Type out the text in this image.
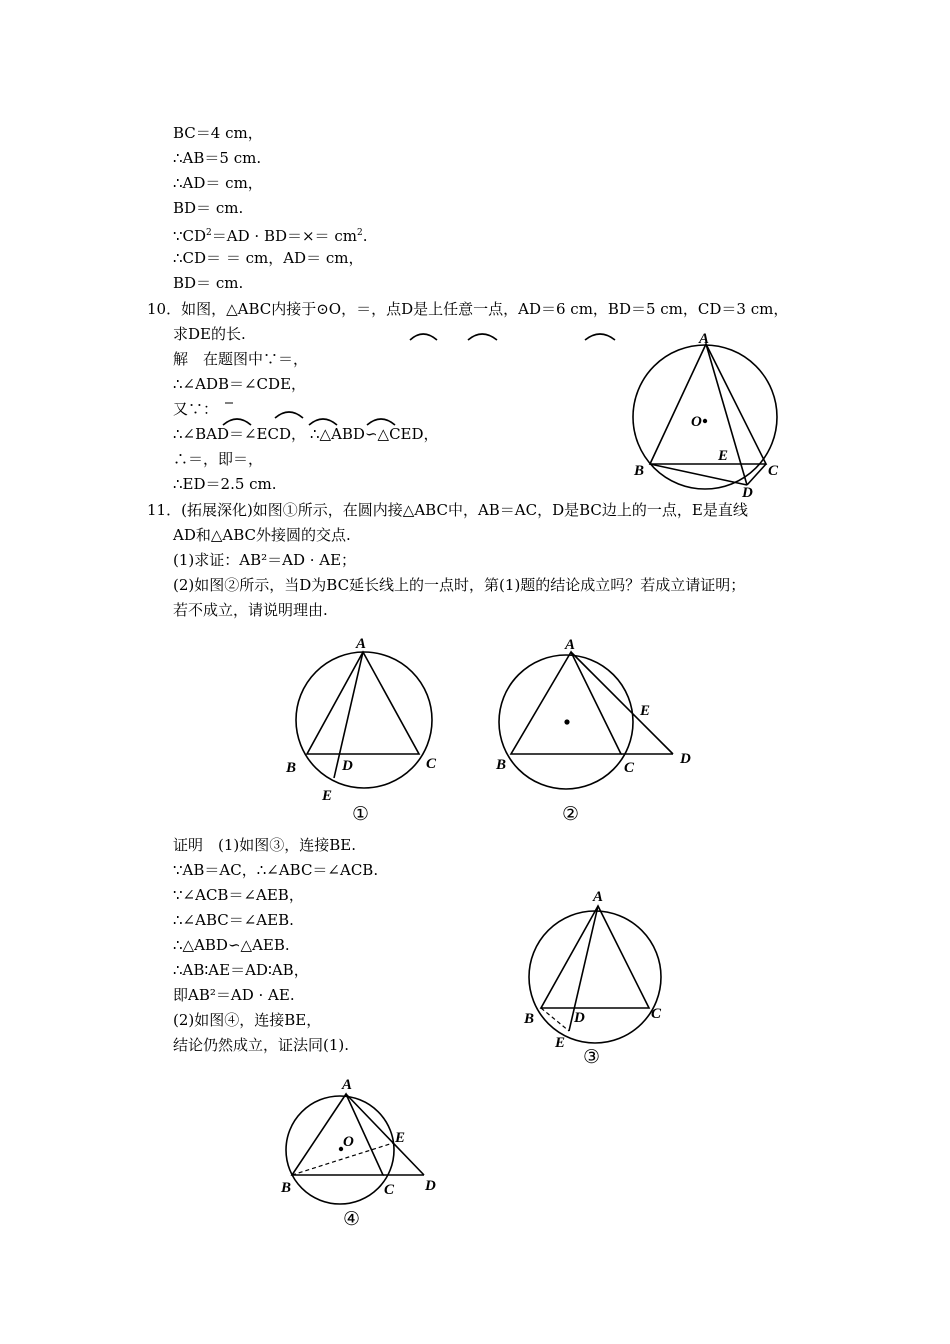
BC＝4 cm，
∴AB＝5 cm.
∴AD＝ cm，
BD＝ cm.
$\because CD^2=AD \cdot BD=\times= cm^2$.
∴CD＝ ＝ cm，AD＝ cm，
BD＝ cm.
10．如图，△ABC内接于⊙O，＝，点D是上任意一点，AD＝6 cm，BD＝5 cm，CD＝3 cm，
求DE的长.
解　在题图中∵＝，
∴∠ADB＝∠CDE，
又∵：
∴∠BAD＝∠ECD， ∴△ABD∽△CED，
∴＝，即＝，
∴ED＝2.5 cm.
A
O
E
B	C
D
11．(拓展深化)如图①所示，在圆内接△ABC中，AB＝AC，D是BC边上的一点，E是直线
AD和△ABC外接圆的交点.
(1)求证：AB²＝AD · AE；
(2)如图②所示，当D为BC延长线上的一点时，第(1)题的结论成立吗？若成立请证明；
若不成立，请说明理由.
A
B	C
D
E
①
A
E
B	C
D
②
证明　(1)如图③，连接BE.
∵AB＝AC，∴∠ABC＝∠ACB.
∵∠ACB＝∠AEB，
∴∠ABC＝∠AEB.
∴△ABD∽△AEB.
∴AB∶AE＝AD∶AB，
即AB²＝AD · AE.
(2)如图④，连接BE，
结论仍然成立，证法同(1).
A
B	C
D
E
③
A
O	E
B	C D
④
